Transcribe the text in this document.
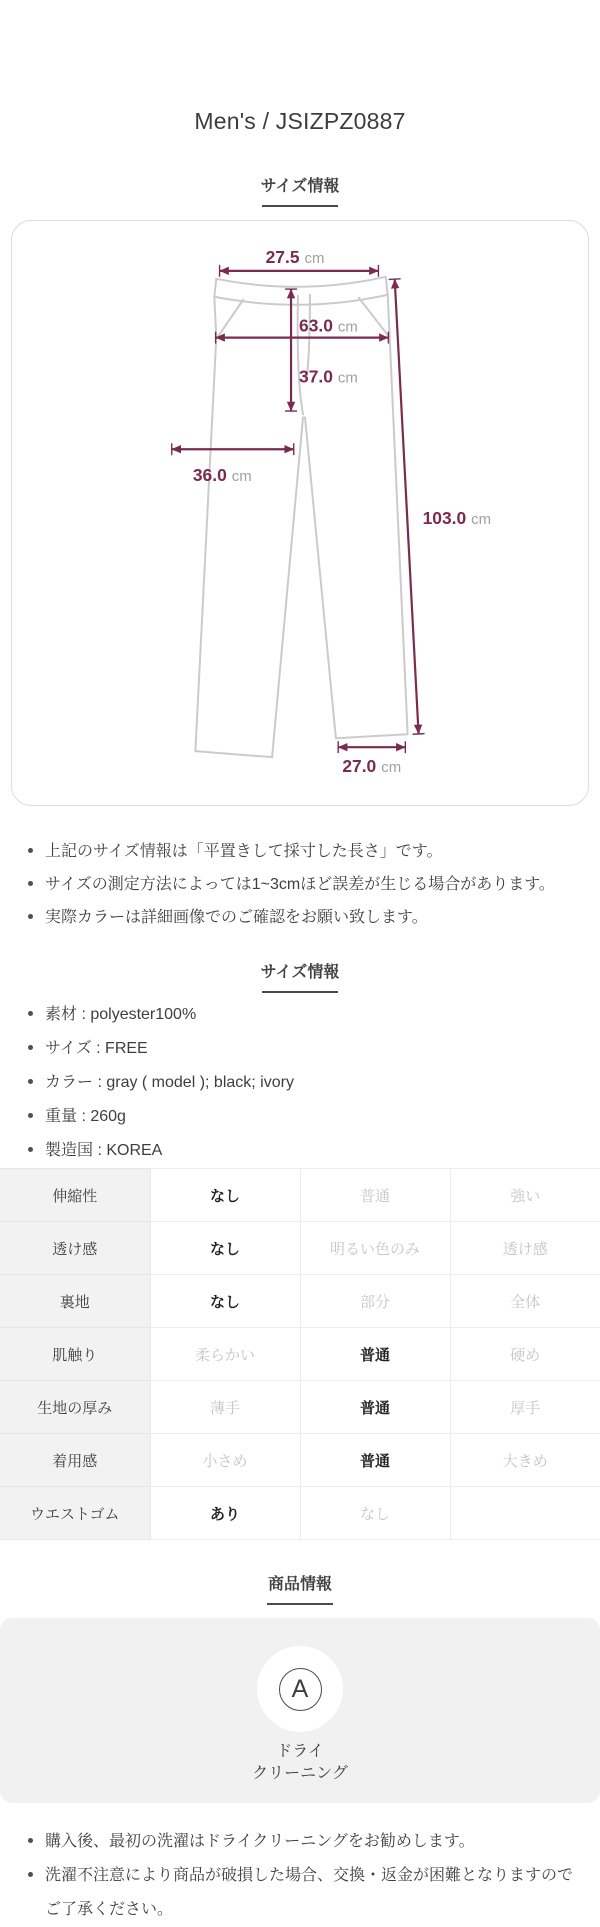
Men's / JSIZPZ0887
サイズ情報
27.5 cm
63.0 cm
37.0 cm
36.0 cm
103.0 cm
27.0 cm
上記のサイズ情報は「平置きして採寸した長さ」です。
サイズの測定方法によっては1~3cmほど誤差が生じる場合があります。
実際カラーは詳細画像でのご確認をお願い致します。
サイズ情報
素材 : polyester100%
サイズ : FREE
カラー : gray ( model ); black; ivory
重量 : 260g
製造国 : KOREA
伸縮性	なし	普通	強い
透け感	なし	明るい色のみ	透け感
裏地	なし	部分	全体
肌触り	柔らかい	普通	硬め
生地の厚み	薄手	普通	厚手
着用感	小さめ	普通	大きめ
ウエストゴム	あり	なし	
商品情報
A
ドライ
クリーニング
購入後、最初の洗濯はドライクリーニングをお勧めします。
洗濯不注意により商品が破損した場合、交換・返金が困難となりますのでご了承ください。
